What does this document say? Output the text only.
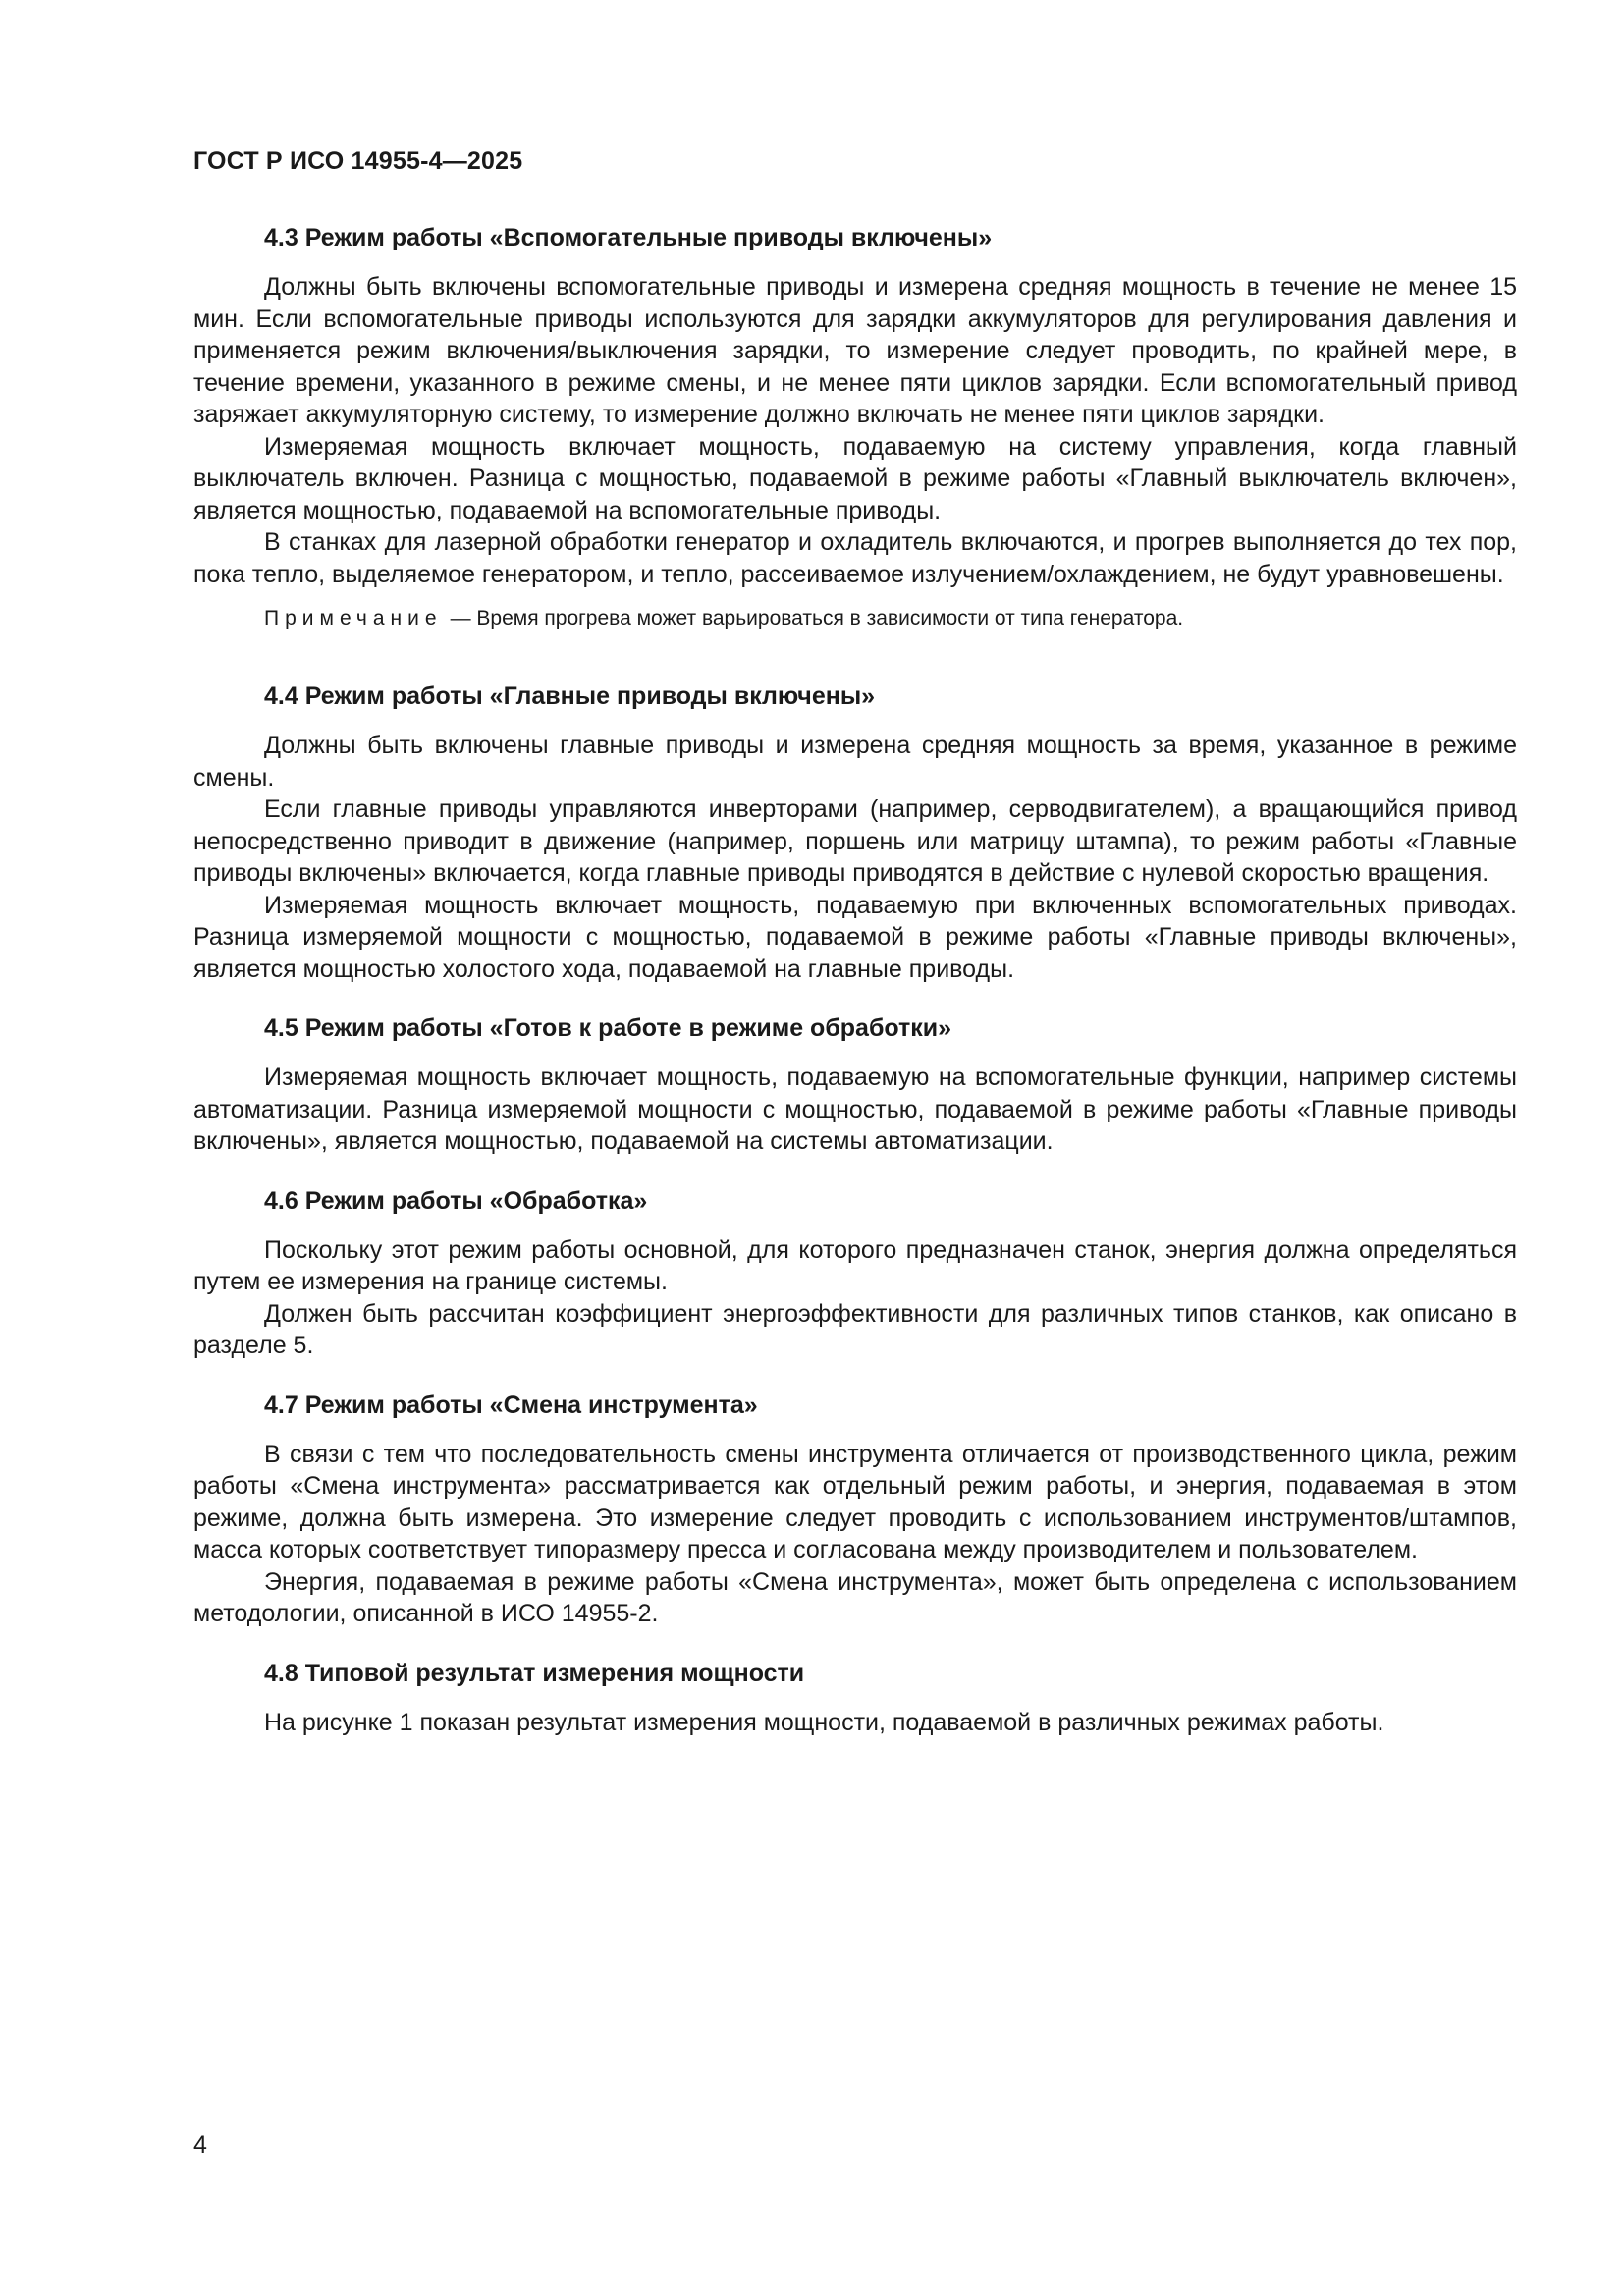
ГОСТ Р ИСО 14955-4—2025
4.3 Режим работы «Вспомогательные приводы включены»

Должны быть включены вспомогательные приводы и измерена средняя мощность в течение не менее 15 мин. Если вспомогательные приводы используются для зарядки аккумуляторов для регулирования давления и применяется режим включения/выключения зарядки, то измерение следует проводить, по крайней мере, в течение времени, указанного в режиме смены, и не менее пяти циклов зарядки. Если вспомогательный привод заряжает аккумуляторную систему, то измерение должно включать не менее пяти циклов зарядки.

Измеряемая мощность включает мощность, подаваемую на систему управления, когда главный выключатель включен. Разница с мощностью, подаваемой в режиме работы «Главный выключатель включен», является мощностью, подаваемой на вспомогательные приводы.

В станках для лазерной обработки генератор и охладитель включаются, и прогрев выполняется до тех пор, пока тепло, выделяемое генератором, и тепло, рассеиваемое излучением/охлаждением, не будут уравновешены.

Примечание — Время прогрева может варьироваться в зависимости от типа генератора.
4.4 Режим работы «Главные приводы включены»

Должны быть включены главные приводы и измерена средняя мощность за время, указанное в режиме смены.

Если главные приводы управляются инверторами (например, серводвигателем), а вращающийся привод непосредственно приводит в движение (например, поршень или матрицу штампа), то режим работы «Главные приводы включены» включается, когда главные приводы приводятся в действие с нулевой скоростью вращения.

Измеряемая мощность включает мощность, подаваемую при включенных вспомогательных приводах. Разница измеряемой мощности с мощностью, подаваемой в режиме работы «Главные приводы включены», является мощностью холостого хода, подаваемой на главные приводы.

4.5 Режим работы «Готов к работе в режиме обработки»

Измеряемая мощность включает мощность, подаваемую на вспомогательные функции, например системы автоматизации. Разница измеряемой мощности с мощностью, подаваемой в режиме работы «Главные приводы включены», является мощностью, подаваемой на системы автоматизации.

4.6 Режим работы «Обработка»

Поскольку этот режим работы основной, для которого предназначен станок, энергия должна определяться путем ее измерения на границе системы.

Должен быть рассчитан коэффициент энергоэффективности для различных типов станков, как описано в разделе 5.

4.7 Режим работы «Смена инструмента»

В связи с тем что последовательность смены инструмента отличается от производственного цикла, режим работы «Смена инструмента» рассматривается как отдельный режим работы, и энергия, подаваемая в этом режиме, должна быть измерена. Это измерение следует проводить с использованием инструментов/штампов, масса которых соответствует типоразмеру пресса и согласована между производителем и пользователем.

Энергия, подаваемая в режиме работы «Смена инструмента», может быть определена с использованием методологии, описанной в ИСО 14955-2.

4.8 Типовой результат измерения мощности

На рисунке 1 показан результат измерения мощности, подаваемой в различных режимах работы.

4
